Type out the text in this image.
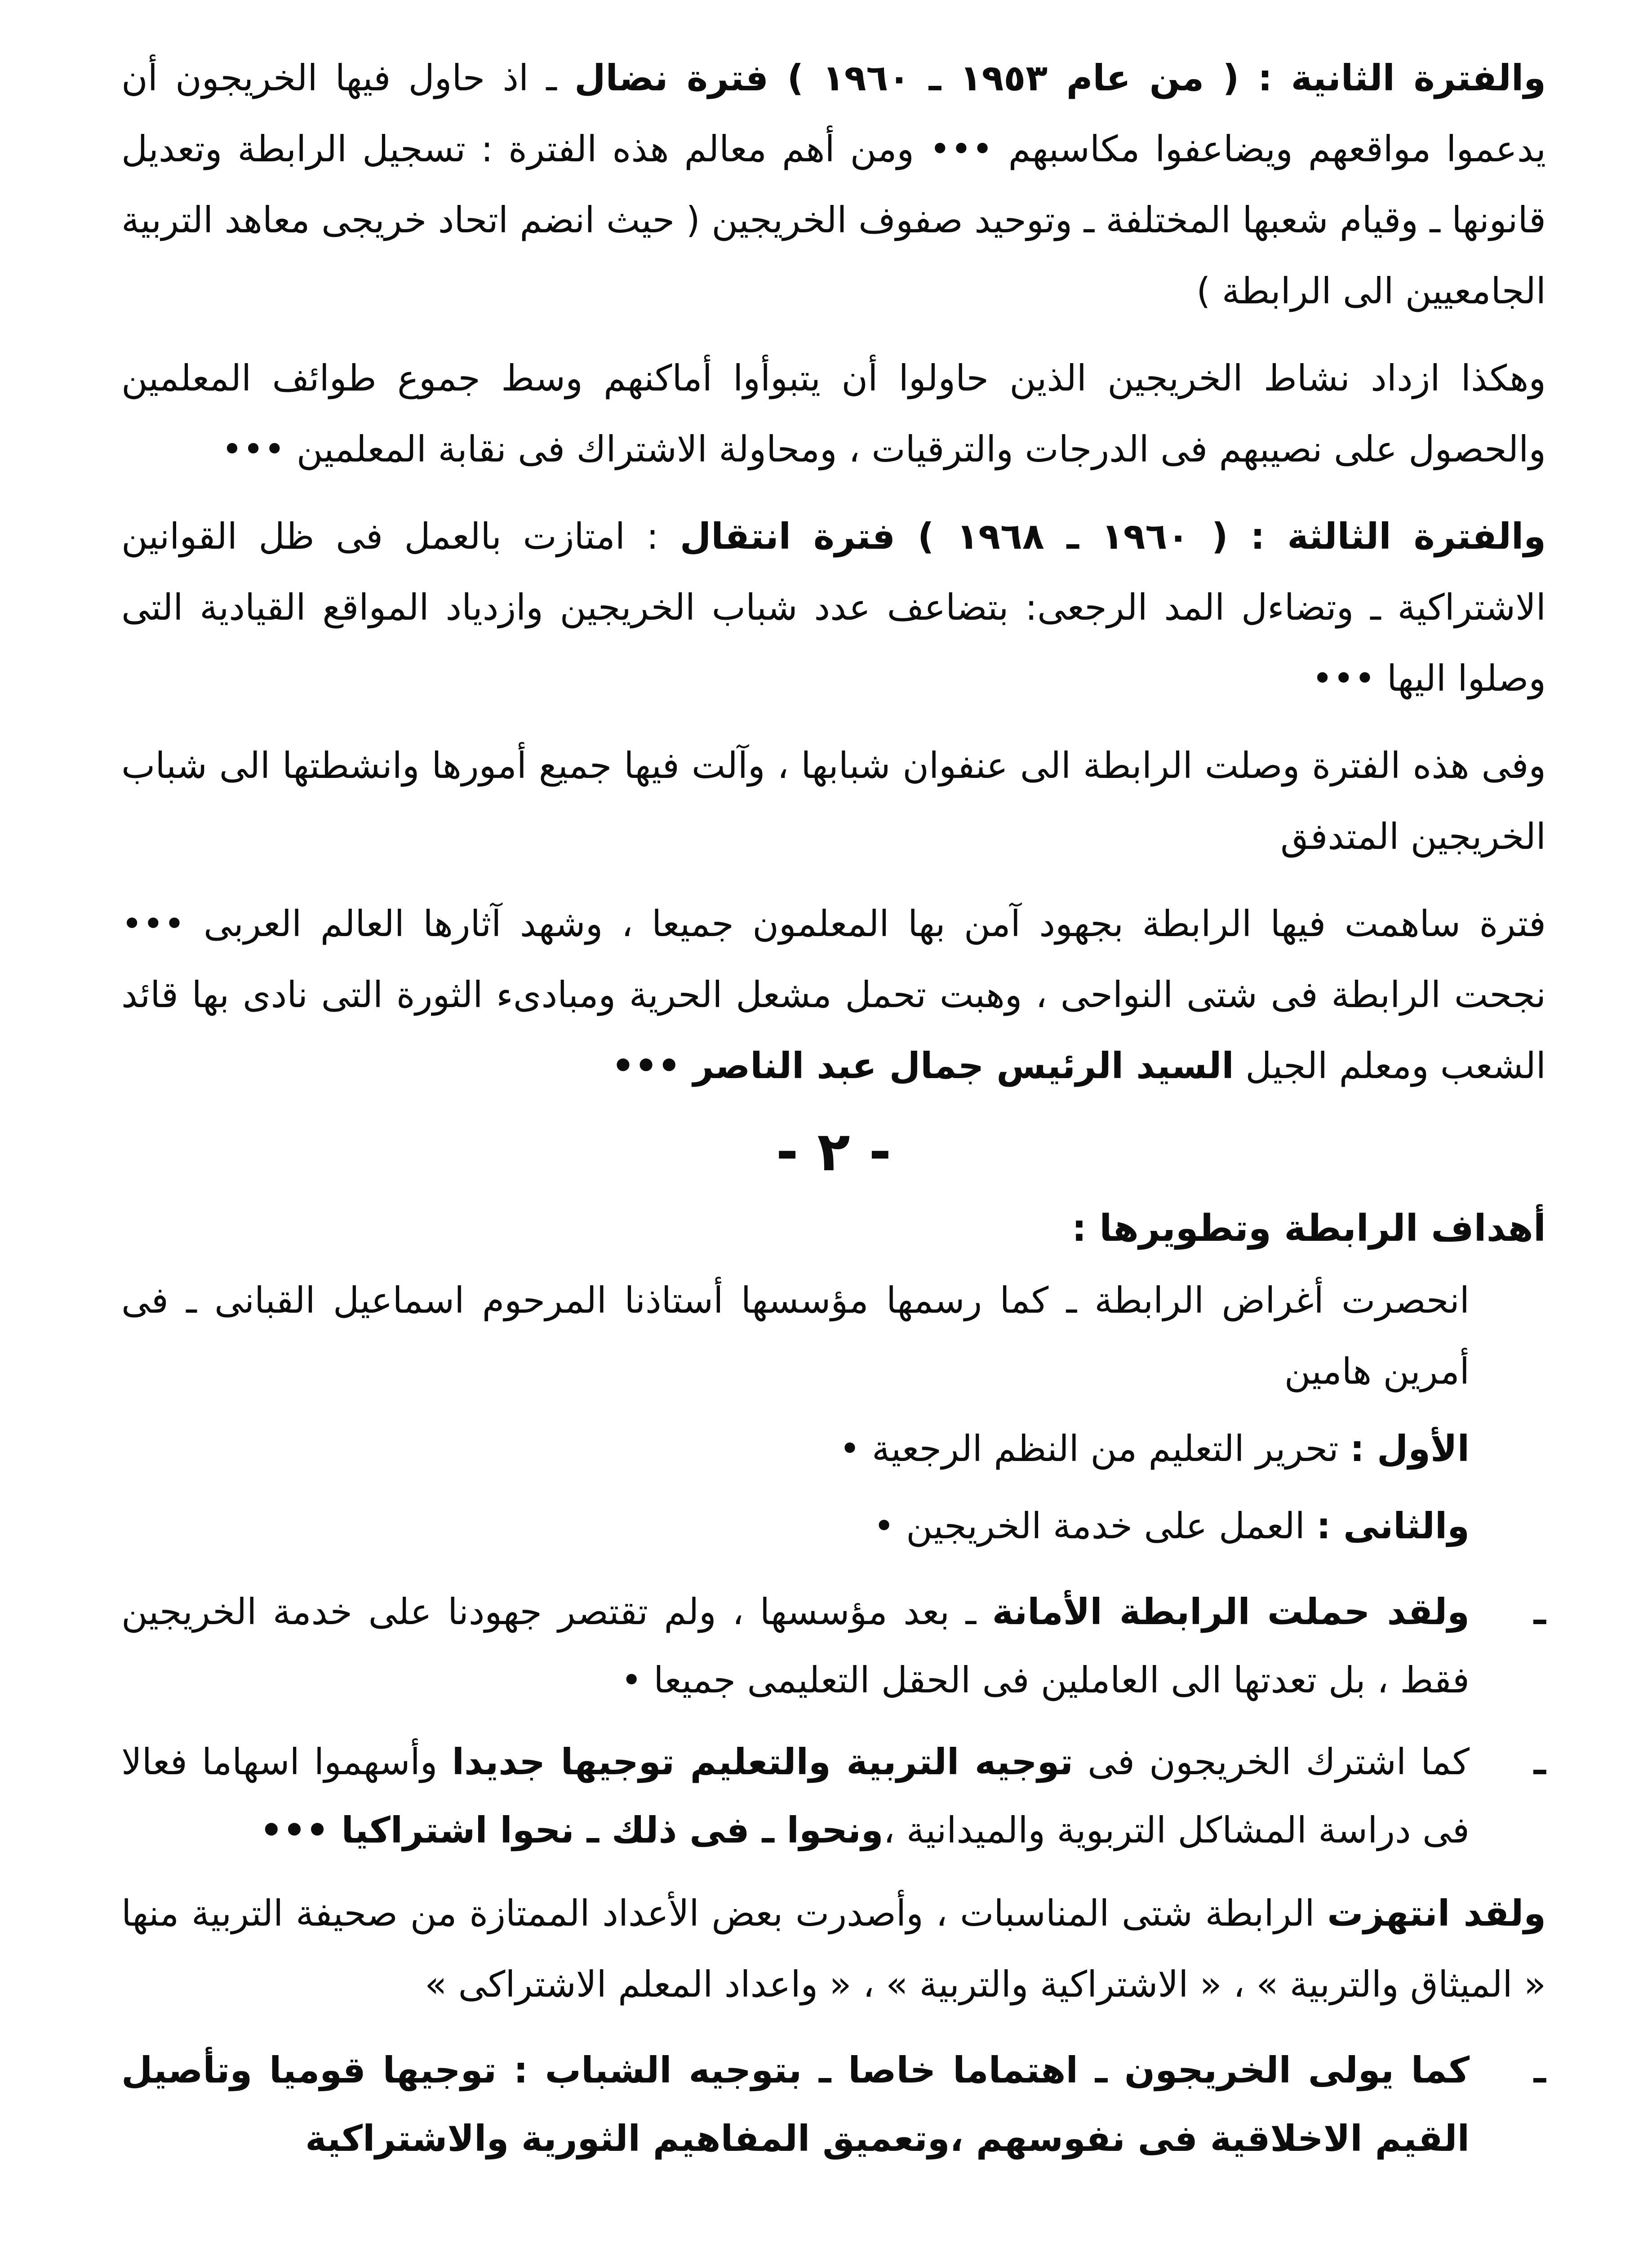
والفترة الثانية : ( من عام ١٩٥٣ ـ ١٩٦٠ ) فترة نضال ـ اذ حاول فيها الخريجون أن يدعموا مواقعهم ويضاعفوا مكاسبهم ••• ومن أهم معالم هذه الفترة : تسجيل الرابطة وتعديل قانونها ـ وقيام شعبها المختلفة ـ وتوحيد صفوف الخريجين ( حيث انضم اتحاد خريجى معاهد التربية الجامعيين الى الرابطة )

وهكذا ازداد نشاط الخريجين الذين حاولوا أن يتبوأوا أماكنهم وسط جموع طوائف المعلمين والحصول على نصيبهم فى الدرجات والترقيات ، ومحاولة الاشتراك فى نقابة المعلمين •••

والفترة الثالثة : ( ١٩٦٠ ـ ١٩٦٨ ) فترة انتقال : امتازت بالعمل فى ظل القوانين الاشتراكية ـ وتضاءل المد الرجعى: بتضاعف عدد شباب الخريجين وازدياد المواقع القيادية التى وصلوا اليها •••

وفى هذه الفترة وصلت الرابطة الى عنفوان شبابها ، وآلت فيها جميع أمورها وانشطتها الى شباب الخريجين المتدفق

فترة ساهمت فيها الرابطة بجهود آمن بها المعلمون جميعا ، وشهد آثارها العالم العربى ••• نجحت الرابطة فى شتى النواحى ، وهبت تحمل مشعل الحرية ومبادىء الثورة التى نادى بها قائد الشعب ومعلم الجيل السيد الرئيس جمال عبد الناصر •••

- ٢ -
أهداف الرابطة وتطويرها :

انحصرت أغراض الرابطة ـ كما رسمها مؤسسها أستاذنا المرحوم اسماعيل القبانى ـ فى أمرين هامين

الأول : تحرير التعليم من النظم الرجعية •

والثانى : العمل على خدمة الخريجين •

ـ
ولقد حملت الرابطة الأمانة ـ بعد مؤسسها ، ولم تقتصر جهودنا على خدمة الخريجين فقط ، بل تعدتها الى العاملين فى الحقل التعليمى جميعا •
ـ
كما اشترك الخريجون فى توجيه التربية والتعليم توجيها جديدا وأسهموا اسهاما فعالا فى دراسة المشاكل التربوية والميدانية ،ونحوا ـ فى ذلك ـ نحوا اشتراكيا •••

ولقد انتهزت الرابطة شتى المناسبات ، وأصدرت بعض الأعداد الممتازة من صحيفة التربية منها « الميثاق والتربية » ، « الاشتراكية والتربية » ، « واعداد المعلم الاشتراكى »

ـ
كما يولى الخريجون ـ اهتماما خاصا ـ بتوجيه الشباب : توجيها قوميا وتأصيل القيم الاخلاقية فى نفوسهم ،وتعميق المفاهيم الثورية والاشتراكية
